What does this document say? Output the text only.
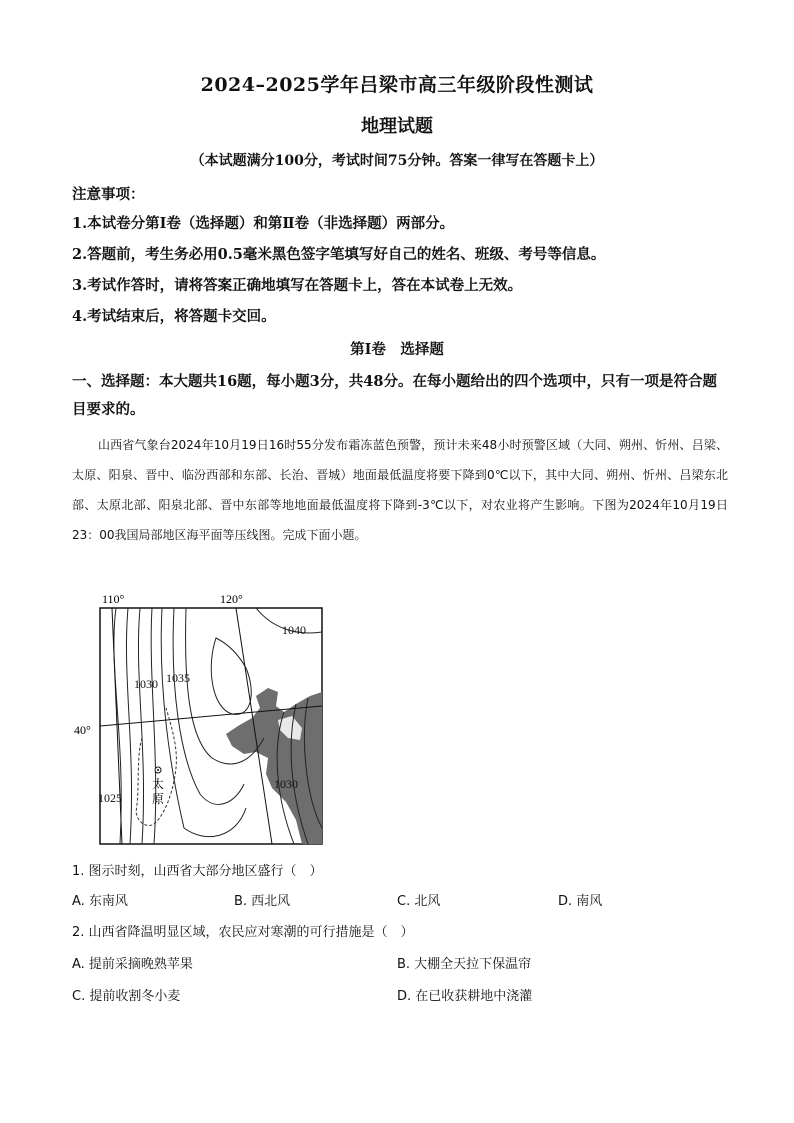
2024–2025学年吕梁市高三年级阶段性测试
地理试题
（本试题满分100分，考试时间75分钟。答案一律写在答题卡上）
注意事项：
1.本试卷分第Ⅰ卷（选择题）和第Ⅱ卷（非选择题）两部分。
2.答题前，考生务必用0.5毫米黑色签字笔填写好自己的姓名、班级、考号等信息。
3.考试作答时，请将答案正确地填写在答题卡上，答在本试卷上无效。
4.考试结束后，将答题卡交回。
第Ⅰ卷　选择题
一、选择题：本大题共16题，每小题3分，共48分。在每小题给出的四个选项中，只有一项是符合题目要求的。
山西省气象台2024年10月19日16时55分发布霜冻蓝色预警，预计未来48小时预警区域（大同、朔州、忻州、吕梁、太原、阳泉、晋中、临汾西部和东部、长治、晋城）地面最低温度将要下降到0℃以下，其中大同、朔州、忻州、吕梁东北部、太原北部、阳泉北部、晋中东部等地地面最低温度将下降到-3℃以下，对农业将产生影响。下图为2024年10月19日23：00我国局部地区海平面等压线图。完成下面小题。
110°	120°
40°
1040
1030 1035
1025
1030
太 原
1. 图示时刻，山西省大部分地区盛行（　）
A. 东南风	B. 西北风	C. 北风	D. 南风
2. 山西省降温明显区域，农民应对寒潮的可行措施是（　）
A. 提前采摘晚熟苹果	B. 大棚全天拉下保温帘
C. 提前收割冬小麦	D. 在已收获耕地中浇灌
